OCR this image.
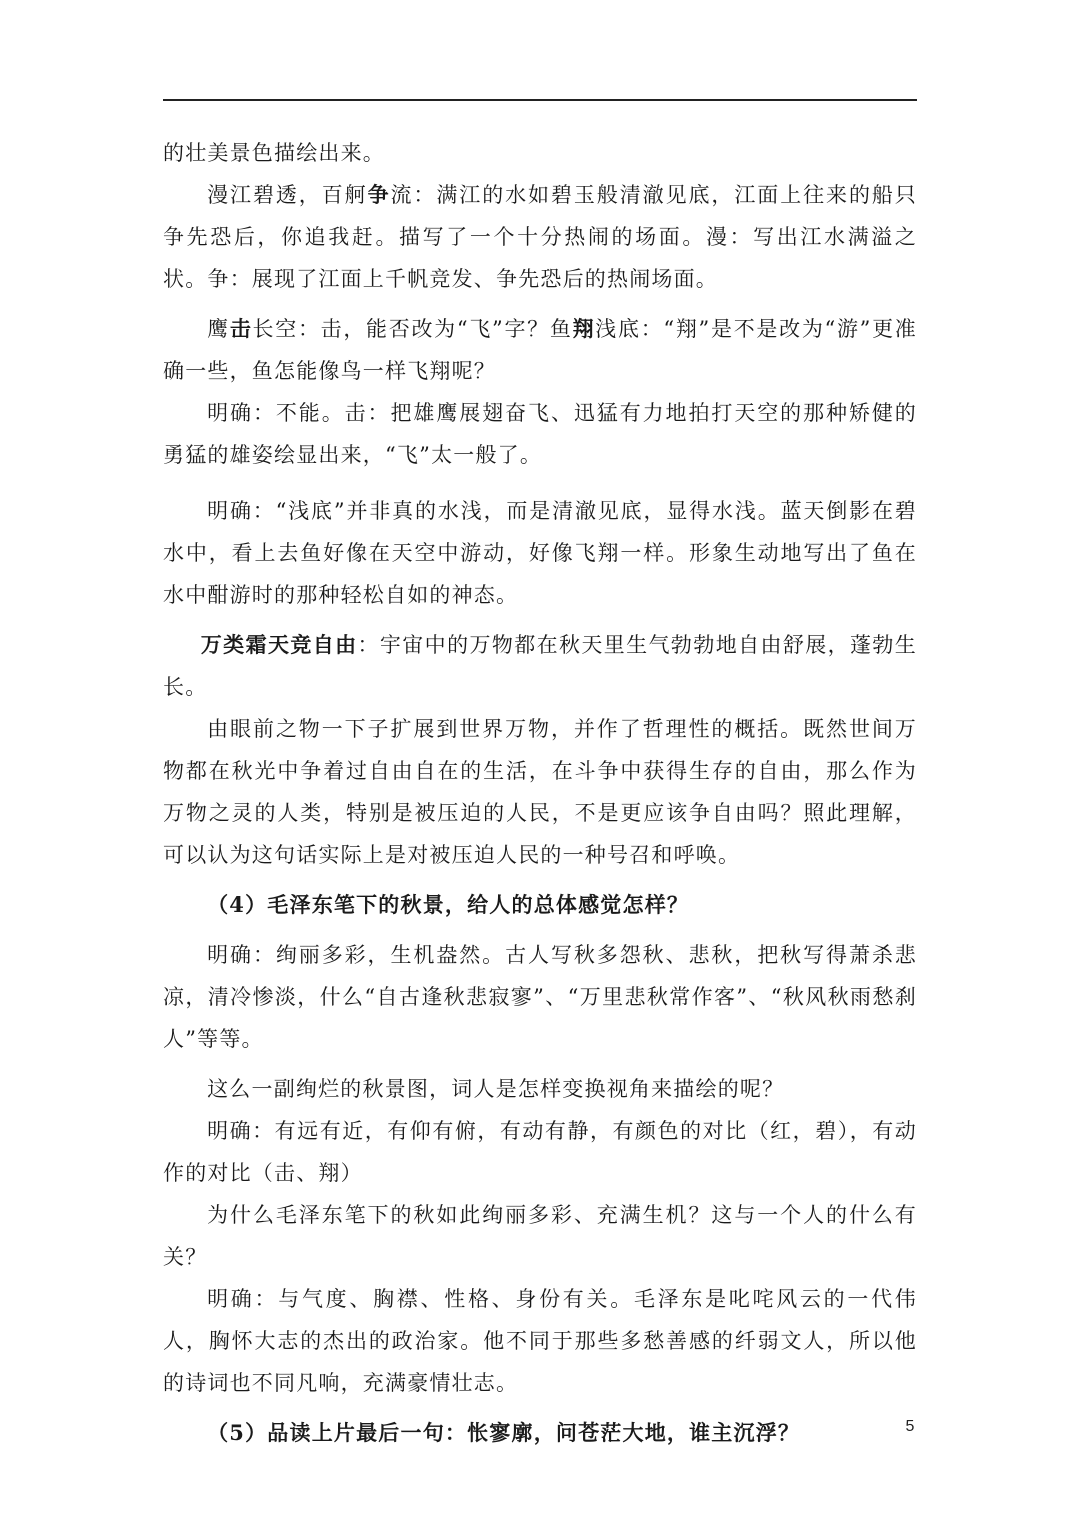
的壮美景色描绘出来。

漫江碧透，百舸争流：满江的水如碧玉般清澈见底，江面上往来的船只争先恐后，你追我赶。描写了一个十分热闹的场面。漫：写出江水满溢之状。争：展现了江面上千帆竞发、争先恐后的热闹场面。

鹰击长空：击，能否改为“飞”字？鱼翔浅底：“翔”是不是改为“游”更准确一些，鱼怎能像鸟一样飞翔呢？

明确：不能。击：把雄鹰展翅奋飞、迅猛有力地拍打天空的那种矫健的勇猛的雄姿绘显出来，“飞”太一般了。

明确：“浅底”并非真的水浅，而是清澈见底，显得水浅。蓝天倒影在碧水中，看上去鱼好像在天空中游动，好像飞翔一样。形象生动地写出了鱼在水中酣游时的那种轻松自如的神态。

万类霜天竞自由：宇宙中的万物都在秋天里生气勃勃地自由舒展，蓬勃生长。

由眼前之物一下子扩展到世界万物，并作了哲理性的概括。既然世间万物都在秋光中争着过自由自在的生活，在斗争中获得生存的自由，那么作为万物之灵的人类，特别是被压迫的人民，不是更应该争自由吗？照此理解，可以认为这句话实际上是对被压迫人民的一种号召和呼唤。

（4）毛泽东笔下的秋景，给人的总体感觉怎样？

明确：绚丽多彩，生机盎然。古人写秋多怨秋、悲秋，把秋写得萧杀悲凉，清冷惨淡，什么“自古逢秋悲寂寥”、“万里悲秋常作客”、“秋风秋雨愁刹人”等等。

这么一副绚烂的秋景图，词人是怎样变换视角来描绘的呢？

明确：有远有近，有仰有俯，有动有静，有颜色的对比（红，碧），有动作的对比（击、翔）

为什么毛泽东笔下的秋如此绚丽多彩、充满生机？这与一个人的什么有关？

明确：与气度、胸襟、性格、身份有关。毛泽东是叱咤风云的一代伟人，胸怀大志的杰出的政治家。他不同于那些多愁善感的纤弱文人，所以他的诗词也不同凡响，充满豪情壮志。

（5）品读上片最后一句：怅寥廓，问苍茫大地，谁主沉浮？	5
